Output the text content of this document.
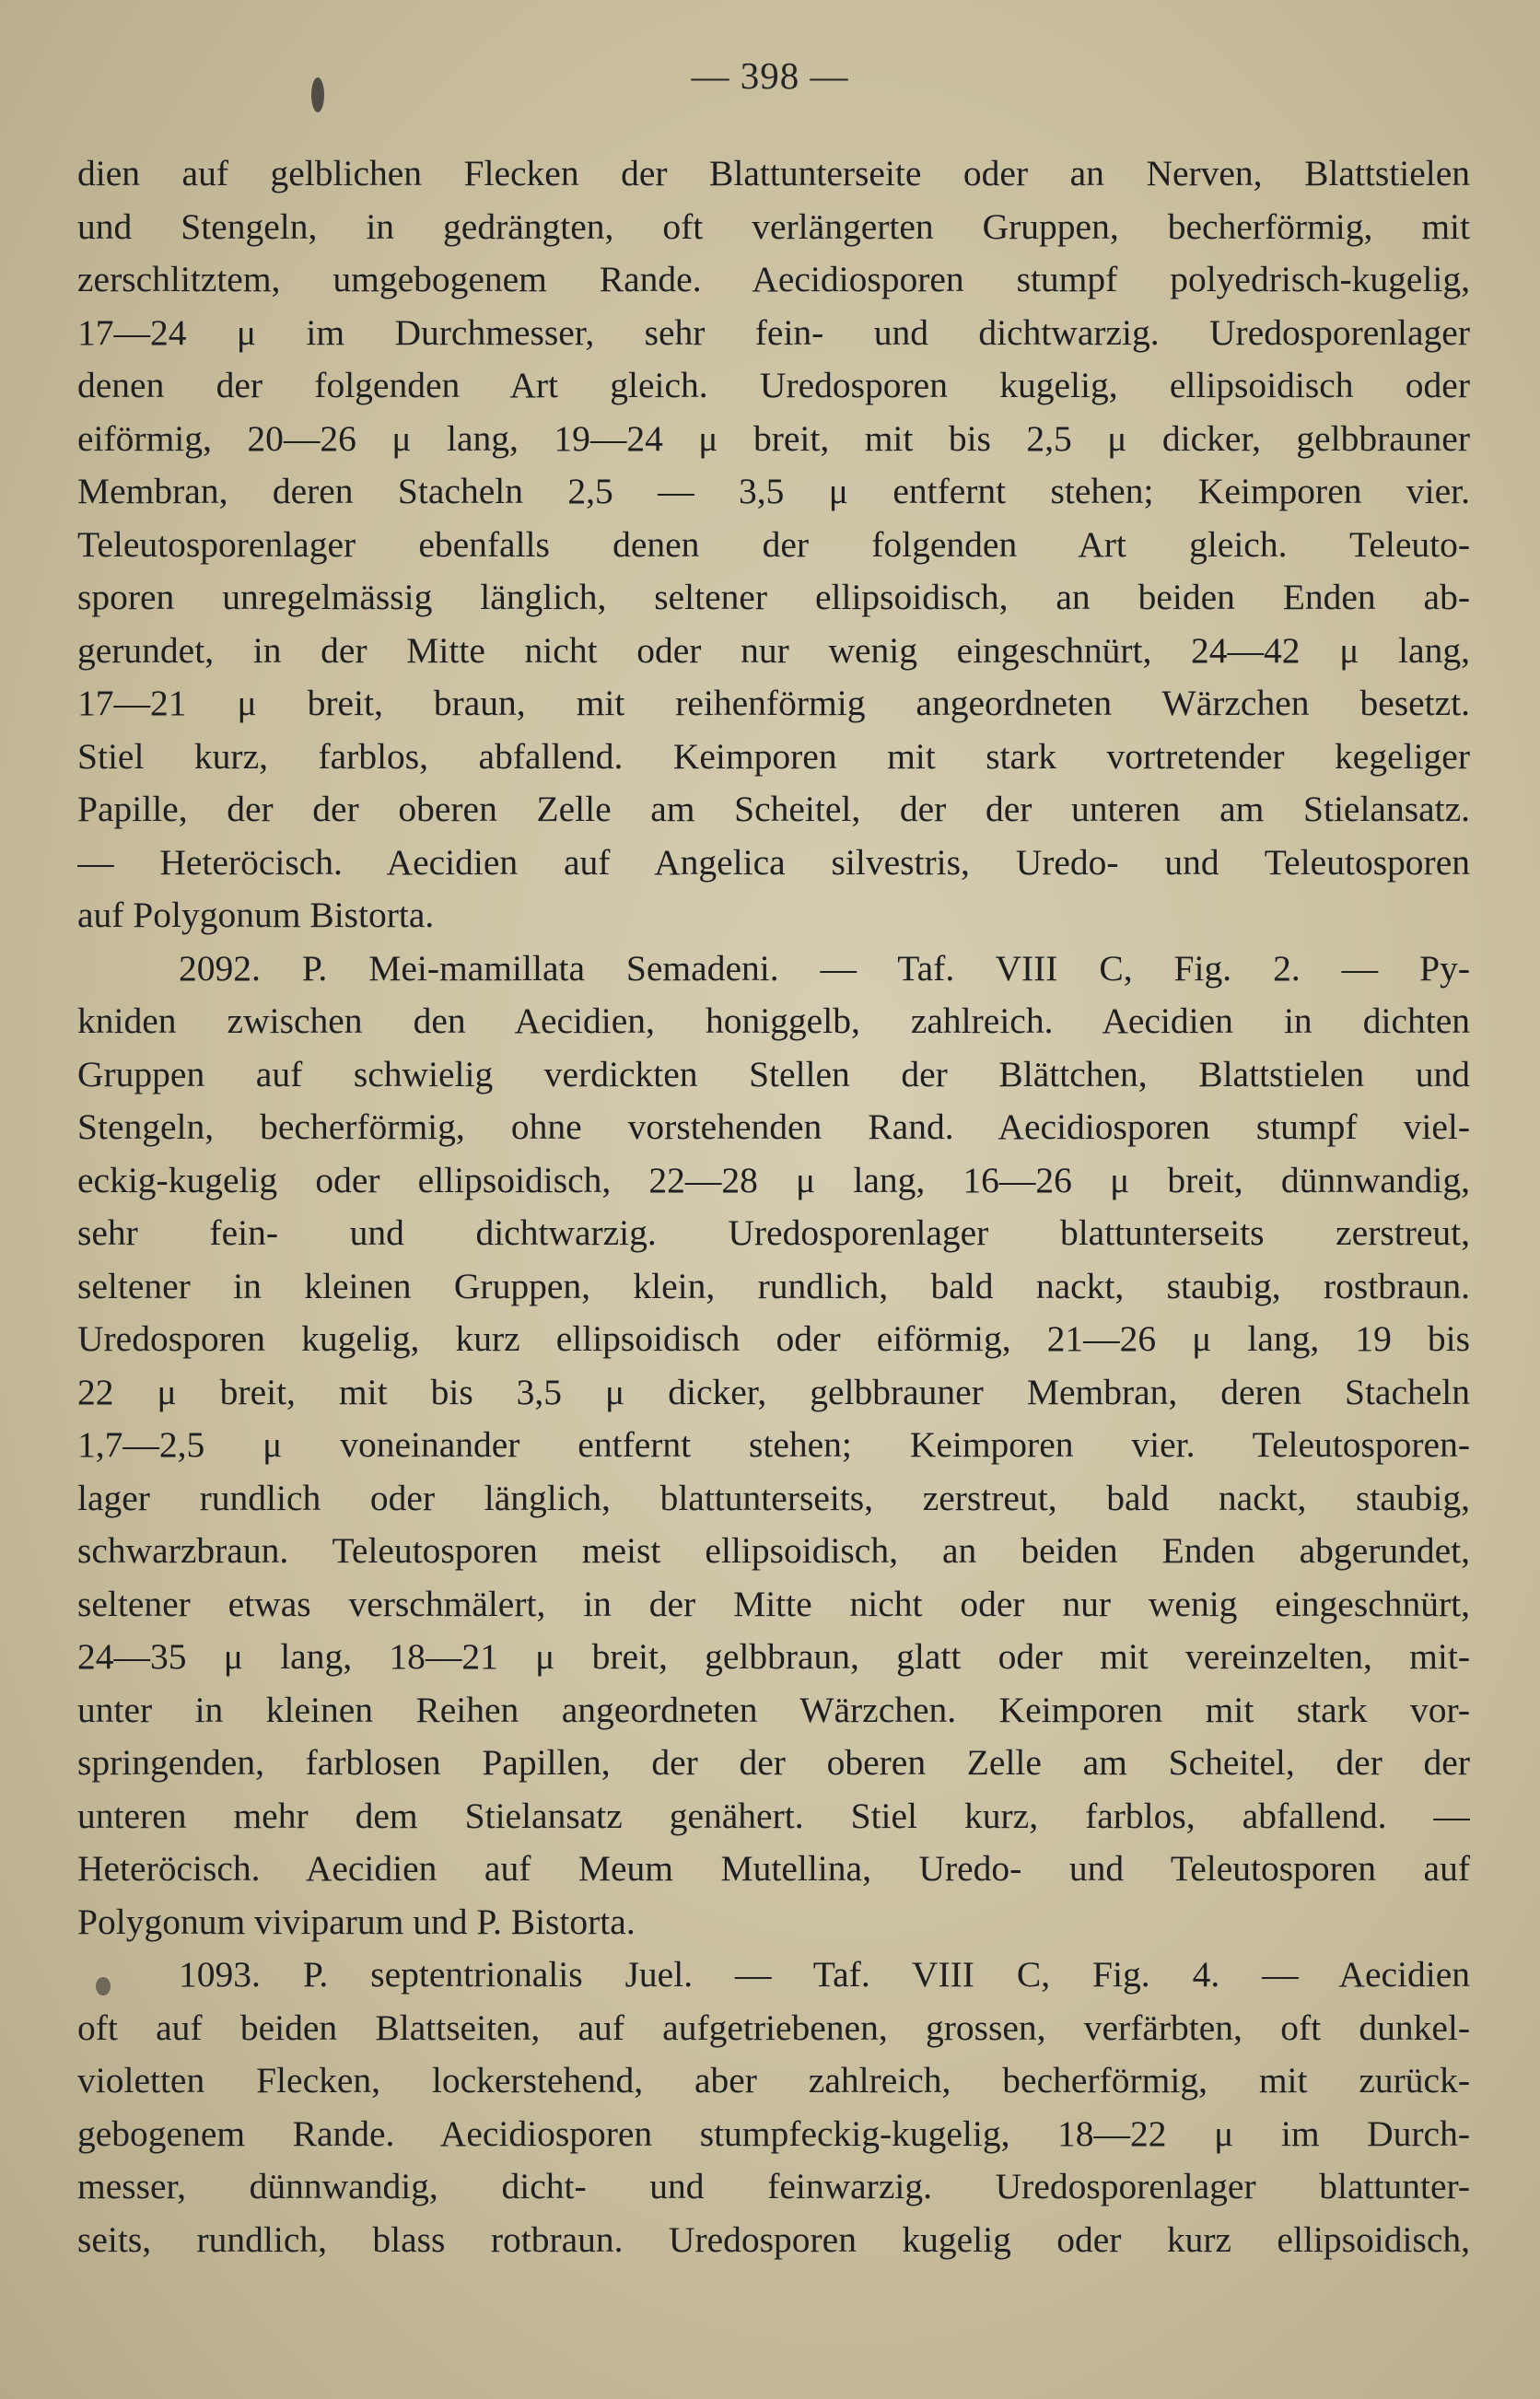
— 398 —
dien auf gelblichen Flecken der Blattunterseite oder an Nerven, Blattstielen
und Stengeln, in gedrängten, oft verlängerten Gruppen, becherförmig, mit
zerschlitztem, umgebogenem Rande. Aecidiosporen stumpf polyedrisch-kugelig,
17—24 μ im Durchmesser, sehr fein- und dichtwarzig. Uredosporenlager
denen der folgenden Art gleich. Uredosporen kugelig, ellipsoidisch oder
eiförmig, 20—26 μ lang, 19—24 μ breit, mit bis 2,5 μ dicker, gelbbrauner
Membran, deren Stacheln 2,5 — 3,5 μ entfernt stehen; Keimporen vier.
Teleutosporenlager ebenfalls denen der folgenden Art gleich. Teleuto-
sporen unregelmässig länglich, seltener ellipsoidisch, an beiden Enden ab-
gerundet, in der Mitte nicht oder nur wenig eingeschnürt, 24—42 μ lang,
17—21 μ breit, braun, mit reihenförmig angeordneten Wärzchen besetzt.
Stiel kurz, farblos, abfallend. Keimporen mit stark vortretender kegeliger
Papille, der der oberen Zelle am Scheitel, der der unteren am Stielansatz.
— Heteröcisch. Aecidien auf Angelica silvestris, Uredo- und Teleutosporen
auf Polygonum Bistorta.
2092. P. Mei-mamillata Semadeni. — Taf. VIII C, Fig. 2. — Py-
kniden zwischen den Aecidien, honiggelb, zahlreich. Aecidien in dichten
Gruppen auf schwielig verdickten Stellen der Blättchen, Blattstielen und
Stengeln, becherförmig, ohne vorstehenden Rand. Aecidiosporen stumpf viel-
eckig-kugelig oder ellipsoidisch, 22—28 μ lang, 16—26 μ breit, dünnwandig,
sehr fein- und dichtwarzig. Uredosporenlager blattunterseits zerstreut,
seltener in kleinen Gruppen, klein, rundlich, bald nackt, staubig, rostbraun.
Uredosporen kugelig, kurz ellipsoidisch oder eiförmig, 21—26 μ lang, 19 bis
22 μ breit, mit bis 3,5 μ dicker, gelbbrauner Membran, deren Stacheln
1,7—2,5 μ voneinander entfernt stehen; Keimporen vier. Teleutosporen-
lager rundlich oder länglich, blattunterseits, zerstreut, bald nackt, staubig,
schwarzbraun. Teleutosporen meist ellipsoidisch, an beiden Enden abgerundet,
seltener etwas verschmälert, in der Mitte nicht oder nur wenig eingeschnürt,
24—35 μ lang, 18—21 μ breit, gelbbraun, glatt oder mit vereinzelten, mit-
unter in kleinen Reihen angeordneten Wärzchen. Keimporen mit stark vor-
springenden, farblosen Papillen, der der oberen Zelle am Scheitel, der der
unteren mehr dem Stielansatz genähert. Stiel kurz, farblos, abfallend. —
Heteröcisch. Aecidien auf Meum Mutellina, Uredo- und Teleutosporen auf
Polygonum viviparum und P. Bistorta.
1093. P. septentrionalis Juel. — Taf. VIII C, Fig. 4. — Aecidien
oft auf beiden Blattseiten, auf aufgetriebenen, grossen, verfärbten, oft dunkel-
violetten Flecken, lockerstehend, aber zahlreich, becherförmig, mit zurück-
gebogenem Rande. Aecidiosporen stumpfeckig-kugelig, 18—22 μ im Durch-
messer, dünnwandig, dicht- und feinwarzig. Uredosporenlager blattunter-
seits, rundlich, blass rotbraun. Uredosporen kugelig oder kurz ellipsoidisch,
